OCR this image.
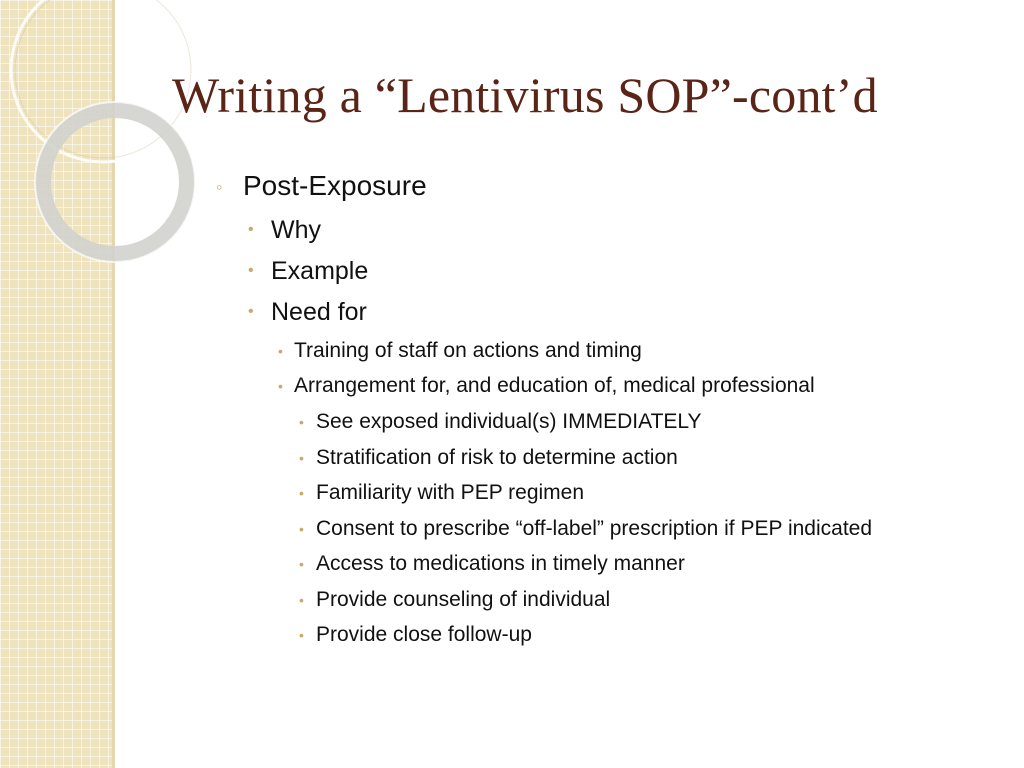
Writing a “Lentivirus SOP”-cont’d
◦ Post-Exposure
• Why
• Example
• Need for
• Training of staff on actions and timing
• Arrangement for, and education of, medical professional
• See exposed individual(s) IMMEDIATELY
• Stratification of risk to determine action
• Familiarity with PEP regimen
• Consent to prescribe “off-label” prescription if PEP indicated
• Access to medications in timely manner
• Provide counseling of individual
• Provide close follow-up
